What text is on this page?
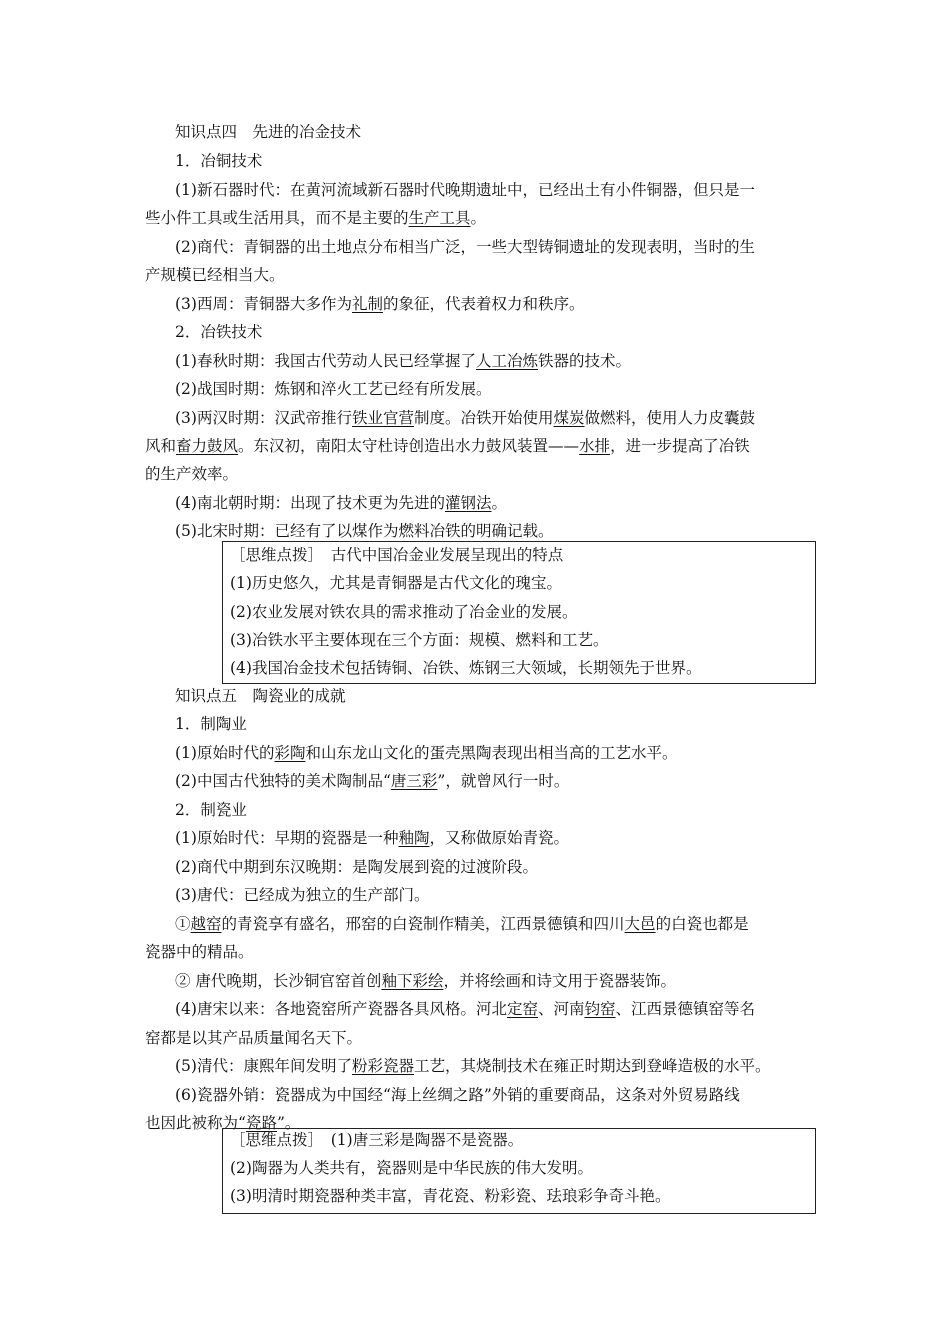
知识点四　先进的冶金技术
1．冶铜技术
(1)新石器时代：在黄河流域新石器时代晚期遗址中，已经出土有小件铜器，但只是一
些小件工具或生活用具，而不是主要的生产工具。
(2)商代：青铜器的出土地点分布相当广泛，一些大型铸铜遗址的发现表明，当时的生
产规模已经相当大。
(3)西周：青铜器大多作为礼制的象征，代表着权力和秩序。
2．冶铁技术
(1)春秋时期：我国古代劳动人民已经掌握了人工冶炼铁器的技术。
(2)战国时期：炼钢和淬火工艺已经有所发展。
(3)两汉时期：汉武帝推行铁业官营制度。冶铁开始使用煤炭做燃料，使用人力皮囊鼓
风和畜力鼓风。东汉初，南阳太守杜诗创造出水力鼓风装置——水排，进一步提高了冶铁
的生产效率。
(4)南北朝时期：出现了技术更为先进的灌钢法。
(5)北宋时期：已经有了以煤作为燃料冶铁的明确记载。
［思维点拨］　古代中国冶金业发展呈现出的特点
(1)历史悠久，尤其是青铜器是古代文化的瑰宝。
(2)农业发展对铁农具的需求推动了冶金业的发展。
(3)冶铁水平主要体现在三个方面：规模、燃料和工艺。
(4)我国冶金技术包括铸铜、冶铁、炼钢三大领域，长期领先于世界。
知识点五　陶瓷业的成就
1．制陶业
(1)原始时代的彩陶和山东龙山文化的蛋壳黑陶表现出相当高的工艺水平。
(2)中国古代独特的美术陶制品“唐三彩”，就曾风行一时。
2．制瓷业
(1)原始时代：早期的瓷器是一种釉陶，又称做原始青瓷。
(2)商代中期到东汉晚期：是陶发展到瓷的过渡阶段。
(3)唐代：已经成为独立的生产部门。
①越窑的青瓷享有盛名，邢窑的白瓷制作精美，江西景德镇和四川大邑的白瓷也都是
瓷器中的精品。
② 唐代晚期，长沙铜官窑首创釉下彩绘，并将绘画和诗文用于瓷器装饰。
(4)唐宋以来：各地瓷窑所产瓷器各具风格。河北定窑、河南钧窑、江西景德镇窑等名
窑都是以其产品质量闻名天下。
(5)清代：康熙年间发明了粉彩瓷器工艺，其烧制技术在雍正时期达到登峰造极的水平。
(6)瓷器外销：瓷器成为中国经“海上丝绸之路”外销的重要商品，这条对外贸易路线
也因此被称为“瓷路”。
［思维点拨］　(1)唐三彩是陶器不是瓷器。
(2)陶器为人类共有，瓷器则是中华民族的伟大发明。
(3)明清时期瓷器种类丰富，青花瓷、粉彩瓷、珐琅彩争奇斗艳。
